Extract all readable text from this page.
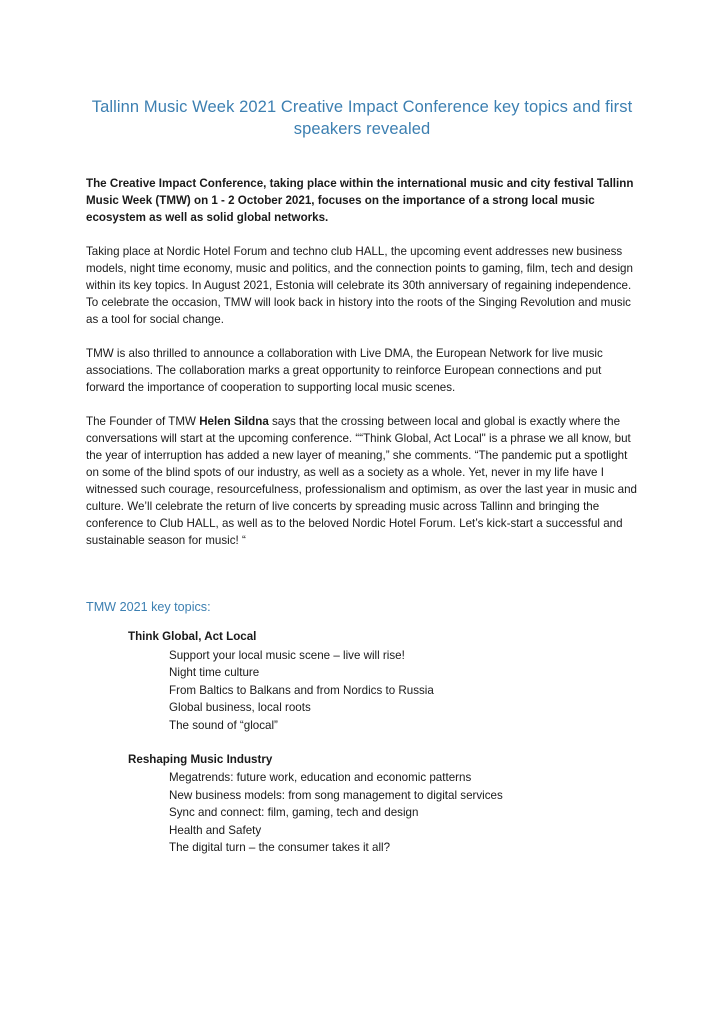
Tallinn Music Week 2021 Creative Impact Conference key topics and first speakers revealed

The Creative Impact Conference, taking place within the international music and city festival Tallinn Music Week (TMW) on 1 - 2 October 2021, focuses on the importance of a strong local music ecosystem as well as solid global networks.

Taking place at Nordic Hotel Forum and techno club HALL, the upcoming event addresses new business models, night time economy, music and politics, and the connection points to gaming, film, tech and design within its key topics. In August 2021, Estonia will celebrate its 30th anniversary of regaining independence. To celebrate the occasion, TMW will look back in history into the roots of the Singing Revolution and music as a tool for social change.

TMW is also thrilled to announce a collaboration with Live DMA, the European Network for live music associations. The collaboration marks a great opportunity to reinforce European connections and put forward the importance of cooperation to supporting local music scenes.

The Founder of TMW Helen Sildna says that the crossing between local and global is exactly where the conversations will start at the upcoming conference. ““Think Global, Act Local" is a phrase we all know, but the year of interruption has added a new layer of meaning,” she comments. “The pandemic put a spotlight on some of the blind spots of our industry, as well as a society as a whole. Yet, never in my life have I witnessed such courage, resourcefulness, professionalism and optimism, as over the last year in music and culture. We’ll celebrate the return of live concerts by spreading music across Tallinn and bringing the conference to Club HALL, as well as to the beloved Nordic Hotel Forum. Let’s kick-start a successful and sustainable season for music! “

TMW 2021 key topics:
Think Global, Act Local
Support your local music scene – live will rise!
Night time culture
From Baltics to Balkans and from Nordics to Russia
Global business, local roots
The sound of “glocal”
Reshaping Music Industry
Megatrends: future work, education and economic patterns
New business models: from song management to digital services
Sync and connect: film, gaming, tech and design
Health and Safety
The digital turn – the consumer takes it all?
